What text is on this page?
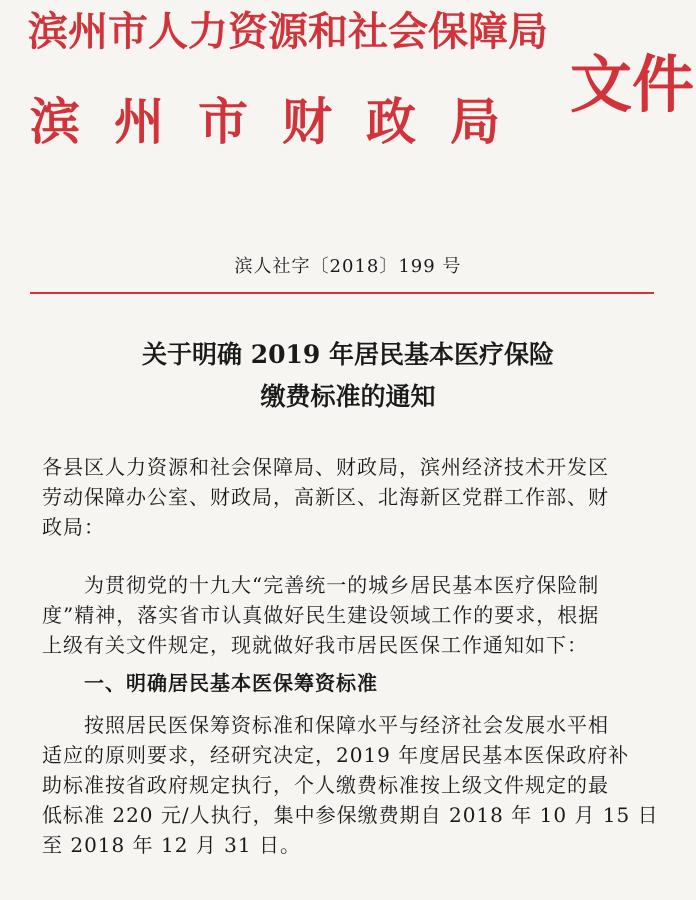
滨州市人力资源和社会保障局
滨州市财政局
文件
滨人社字〔2018〕199 号
关于明确 2019 年居民基本医疗保险
缴费标准的通知
各县区人力资源和社会保障局、财政局，滨州经济技术开发区
劳动保障办公室、财政局，高新区、北海新区党群工作部、财
政局：
为贯彻党的十九大“完善统一的城乡居民基本医疗保险制
度”精神，落实省市认真做好民生建设领域工作的要求，根据
上级有关文件规定，现就做好我市居民医保工作通知如下：
一、明确居民基本医保筹资标准
按照居民医保筹资标准和保障水平与经济社会发展水平相
适应的原则要求，经研究决定，2019 年度居民基本医保政府补
助标准按省政府规定执行，个人缴费标准按上级文件规定的最
低标准 220 元/人执行，集中参保缴费期自 2018 年 10 月 15 日
至 2018 年 12 月 31 日。
